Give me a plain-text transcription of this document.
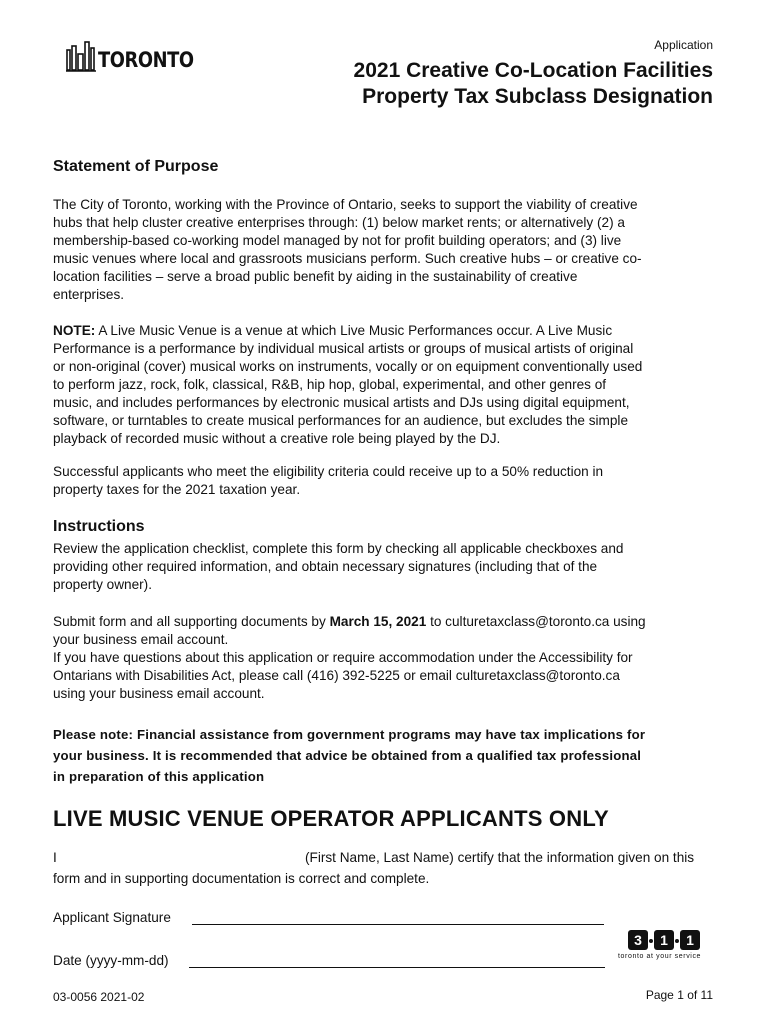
TORONTO
Application
2021 Creative Co-Location Facilities
Property Tax Subclass Designation
Statement of Purpose
The City of Toronto, working with the Province of Ontario, seeks to support the viability of creative
hubs that help cluster creative enterprises through: (1) below market rents; or alternatively (2) a
membership-based co-working model managed by not for profit building operators; and (3) live
music venues where local and grassroots musicians perform. Such creative hubs – or creative co-
location facilities – serve a broad public benefit by aiding in the sustainability of creative
enterprises.
NOTE: A Live Music Venue is a venue at which Live Music Performances occur. A Live Music
Performance is a performance by individual musical artists or groups of musical artists of original
or non-original (cover) musical works on instruments, vocally or on equipment conventionally used
to perform jazz, rock, folk, classical, R&B, hip hop, global, experimental, and other genres of
music, and includes performances by electronic musical artists and DJs using digital equipment,
software, or turntables to create musical performances for an audience, but excludes the simple
playback of recorded music without a creative role being played by the DJ.
Successful applicants who meet the eligibility criteria could receive up to a 50% reduction in
property taxes for the 2021 taxation year.
Instructions
Review the application checklist, complete this form by checking all applicable checkboxes and
providing other required information, and obtain necessary signatures (including that of the
property owner).
Submit form and all supporting documents by March 15, 2021 to culturetaxclass@toronto.ca using
your business email account.
If you have questions about this application or require accommodation under the Accessibility for
Ontarians with Disabilities Act, please call (416) 392-5225 or email culturetaxclass@toronto.ca
using your business email account.
Please note: Financial assistance from government programs may have tax implications for
your business. It is recommended that advice be obtained from a qualified tax professional
in preparation of this application
LIVE MUSIC VENUE OPERATOR APPLICANTS ONLY
I	(First Name, Last Name) certify that the information given on this
form and in supporting documentation is correct and complete.
Applicant Signature
Date (yyyy-mm-dd)
3 1 1
toronto at your service
03-0056 2021-02	Page 1 of 11
